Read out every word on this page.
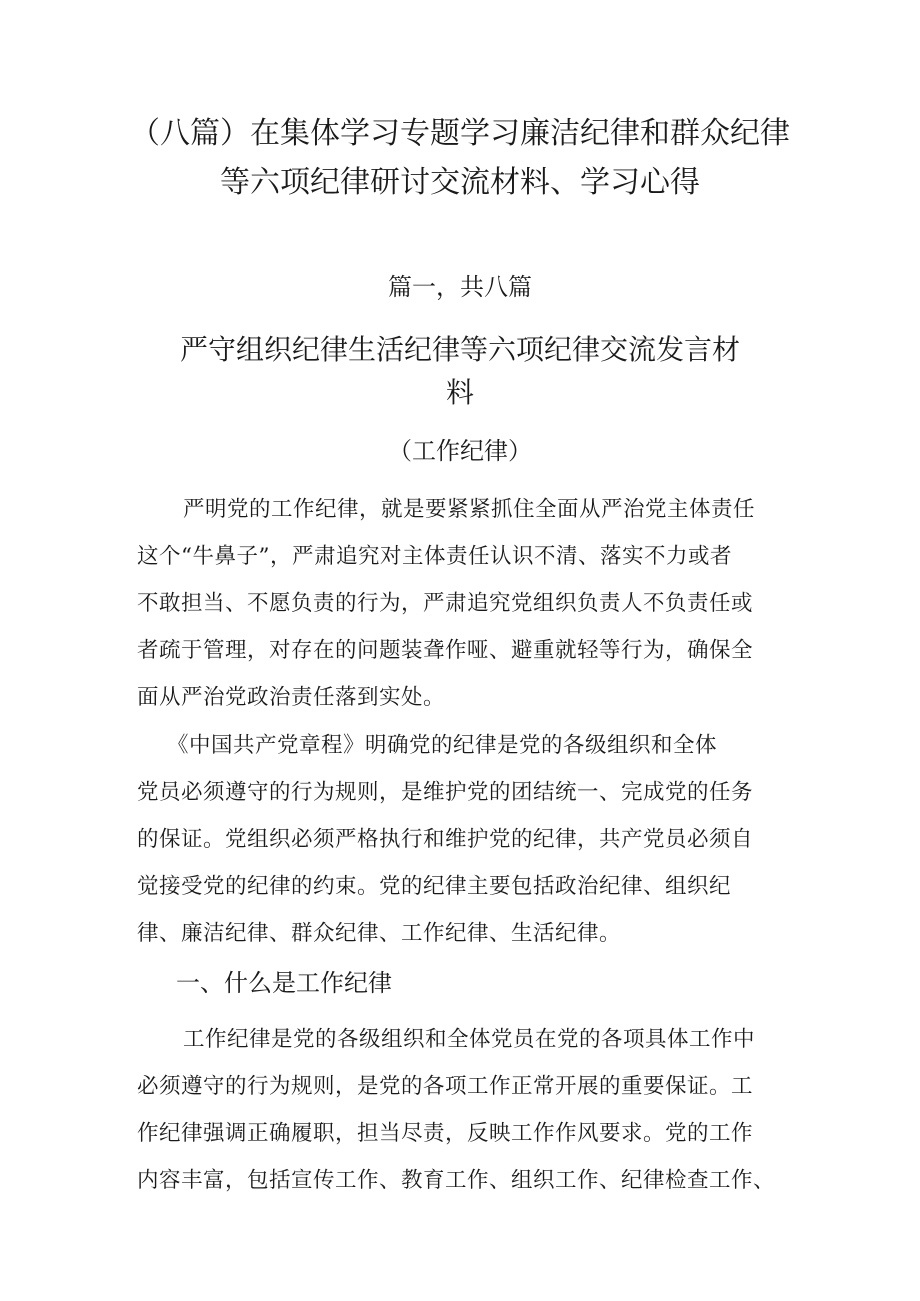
（八篇）在集体学习专题学习廉洁纪律和群众纪律
等六项纪律研讨交流材料、学习心得
篇一，共八篇
严守组织纪律生活纪律等六项纪律交流发言材
料
（工作纪律）
严明党的工作纪律，就是要紧紧抓住全面从严治党主体责任
这个“牛鼻子”，严肃追究对主体责任认识不清、落实不力或者
不敢担当、不愿负责的行为，严肃追究党组织负责人不负责任或
者疏于管理，对存在的问题装聋作哑、避重就轻等行为，确保全
面从严治党政治责任落到实处。
《中国共产党章程》明确党的纪律是党的各级组织和全体
党员必须遵守的行为规则，是维护党的团结统一、完成党的任务
的保证。党组织必须严格执行和维护党的纪律，共产党员必须自
觉接受党的纪律的约束。党的纪律主要包括政治纪律、组织纪
律、廉洁纪律、群众纪律、工作纪律、生活纪律。
一、什么是工作纪律
工作纪律是党的各级组织和全体党员在党的各项具体工作中
必须遵守的行为规则，是党的各项工作正常开展的重要保证。工
作纪律强调正确履职，担当尽责，反映工作作风要求。党的工作
内容丰富，包括宣传工作、教育工作、组织工作、纪律检查工作、
